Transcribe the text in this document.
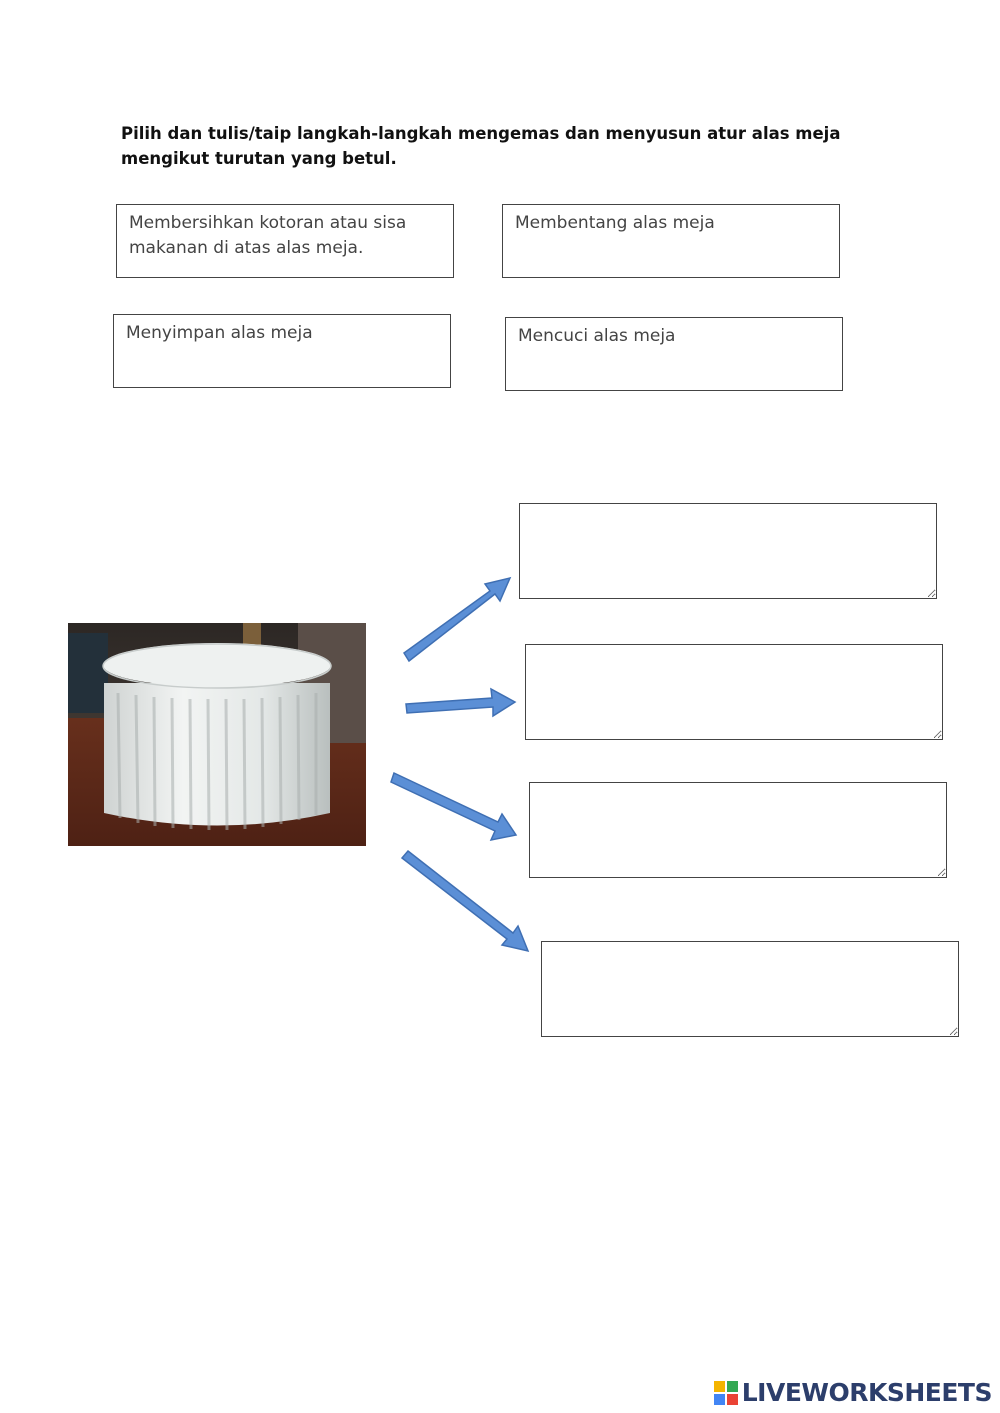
Pilih dan tulis/taip langkah-langkah mengemas dan menyusun atur alas meja mengikut turutan yang betul.
Membersihkan kotoran atau sisa makanan di atas alas meja.
Membentang alas meja
Menyimpan alas meja	Mencuci alas meja
LIVEWORKSHEETS
